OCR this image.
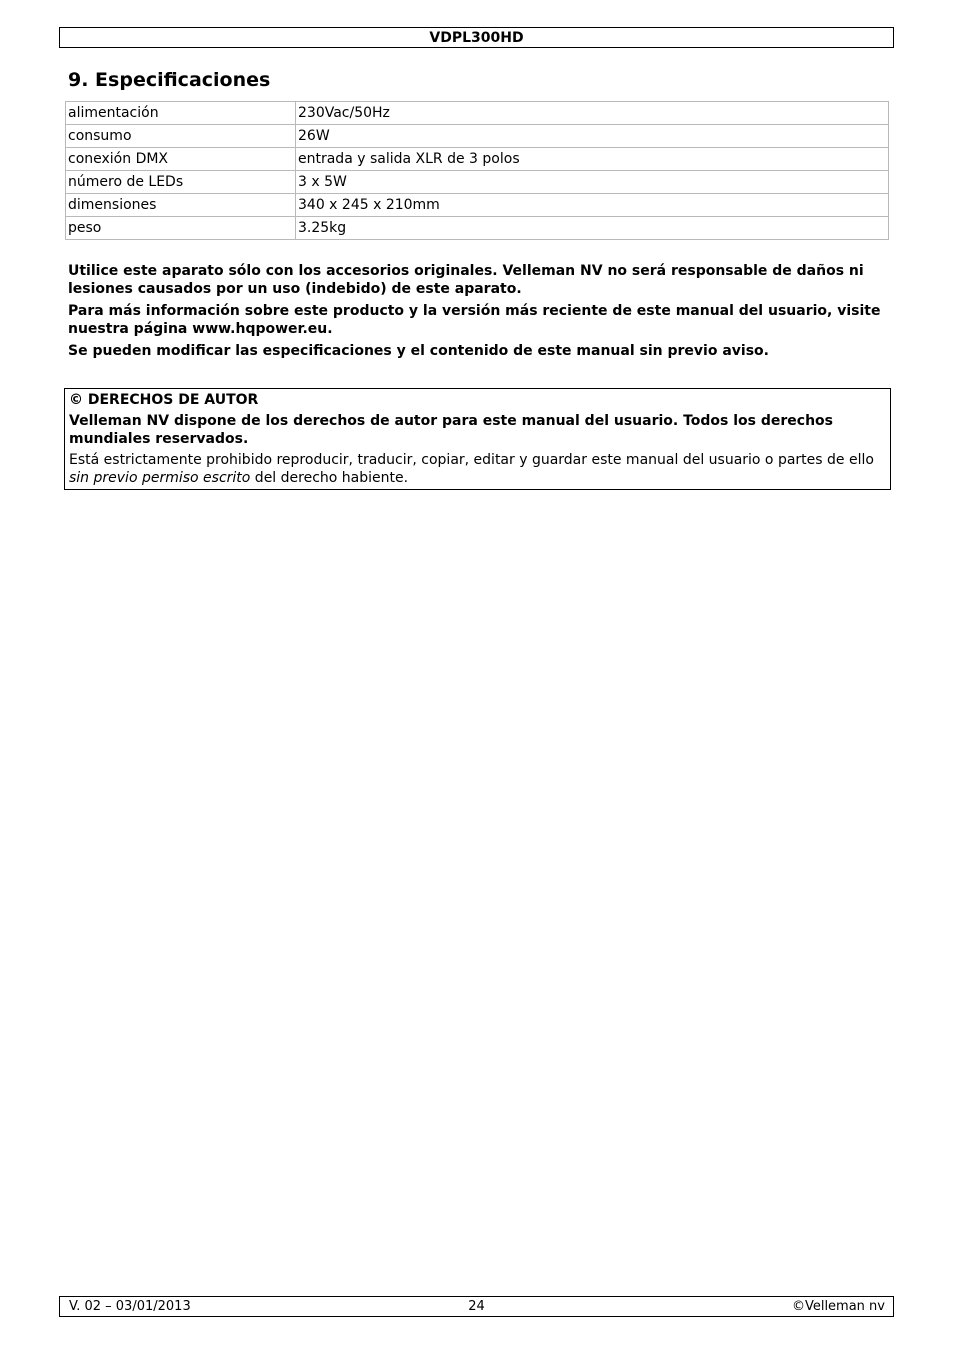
VDPL300HD
9. Especificaciones
alimentación	230Vac/50Hz
consumo	26W
conexión DMX	entrada y salida XLR de 3 polos
número de LEDs	3 x 5W
dimensiones	340 x 245 x 210mm
peso	3.25kg

Utilice este aparato sólo con los accesorios originales. Velleman NV no será responsable de daños ni lesiones causados por un uso (indebido) de este aparato.

Para más información sobre este producto y la versión más reciente de este manual del usuario, visite nuestra página www.hqpower.eu.

Se pueden modificar las especificaciones y el contenido de este manual sin previo aviso.

© DERECHOS DE AUTOR

Velleman NV dispone de los derechos de autor para este manual del usuario. Todos los derechos mundiales reservados.

Está estrictamente prohibido reproducir, traducir, copiar, editar y guardar este manual del usuario o partes de ello sin previo permiso escrito del derecho habiente.

V. 02 – 03/01/2013	24	©Velleman nv
